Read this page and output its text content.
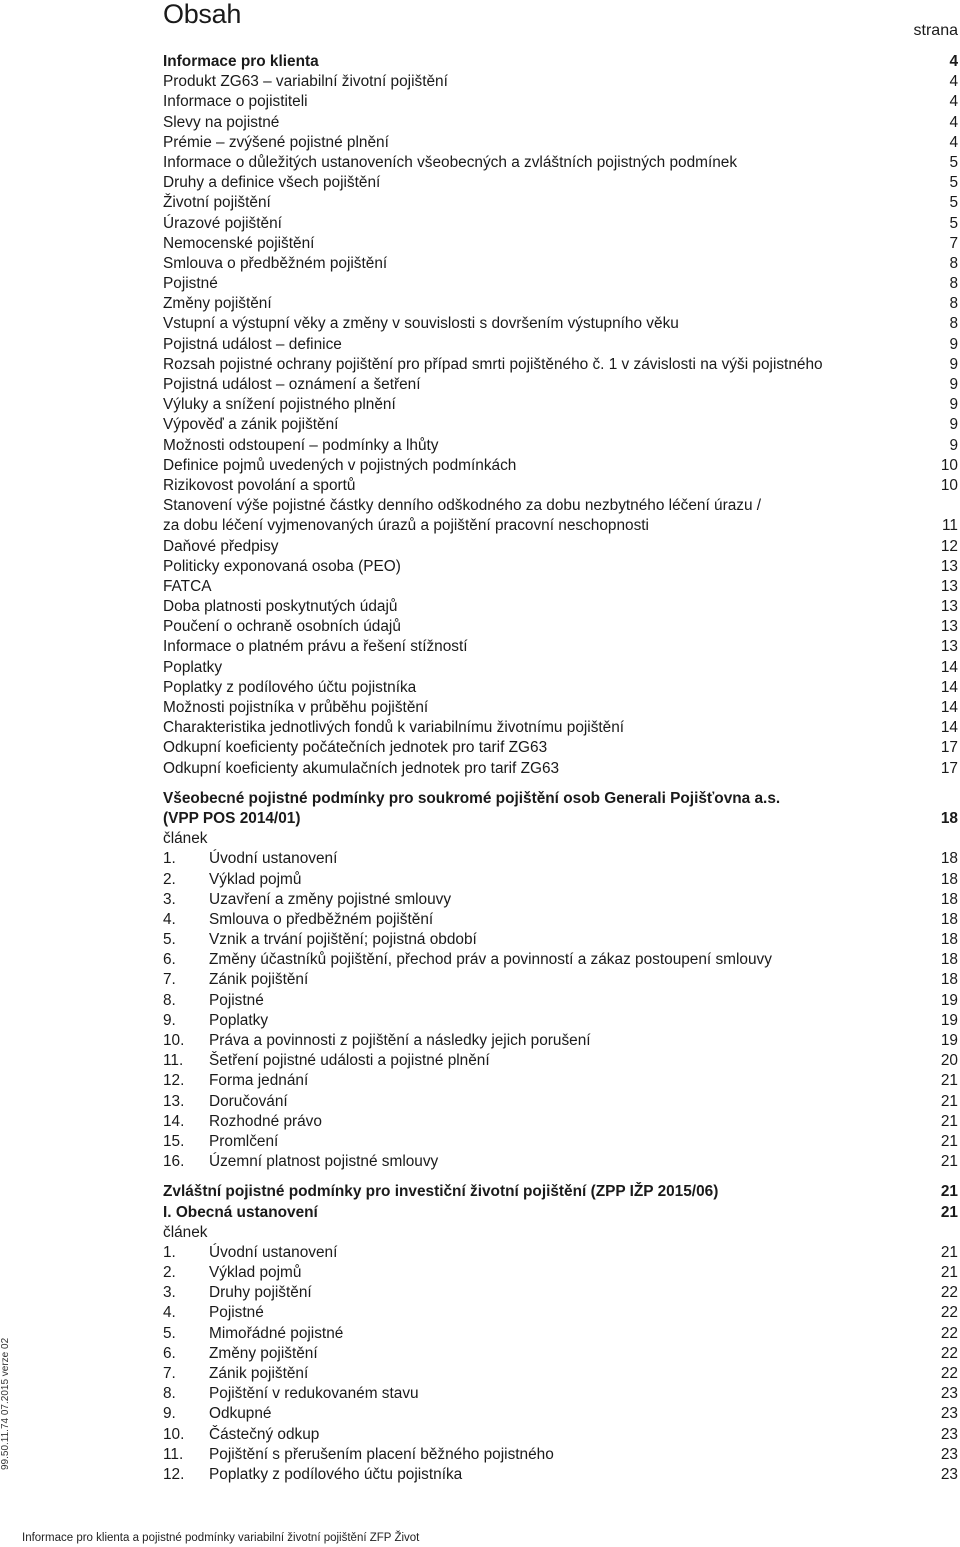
Obsah
strana
Informace pro klienta	4
Produkt ZG63 – variabilní životní pojištění	4
Informace o pojistiteli	4
Slevy na pojistné	4
Prémie – zvýšené pojistné plnění	4
Informace o důležitých ustanoveních všeobecných a zvláštních pojistných podmínek	5
Druhy a definice všech pojištění	5
Životní pojištění	5
Úrazové pojištění	5
Nemocenské pojištění	7
Smlouva o předběžném pojištění	8
Pojistné	8
Změny pojištění	8
Vstupní a výstupní věky a změny v souvislosti s dovršením výstupního věku	8
Pojistná událost – definice	9
Rozsah pojistné ochrany pojištění pro případ smrti pojištěného č. 1 v závislosti na výši pojistného	9
Pojistná událost – oznámení a šetření	9
Výluky a snížení pojistného plnění	9
Výpověď a zánik pojištění	9
Možnosti odstoupení – podmínky a lhůty	9
Definice pojmů uvedených v pojistných podmínkách	10
Rizikovost povolání a sportů	10
Stanovení výše pojistné částky denního odškodného za dobu nezbytného léčení úrazu /
za dobu léčení vyjmenovaných úrazů a pojištění pracovní neschopnosti	11
Daňové předpisy	12
Politicky exponovaná osoba (PEO)	13
FATCA	13
Doba platnosti poskytnutých údajů	13
Poučení o ochraně osobních údajů	13
Informace o platném právu a řešení stížností	13
Poplatky	14
Poplatky z podílového účtu pojistníka	14
Možnosti pojistníka v průběhu pojištění	14
Charakteristika jednotlivých fondů k variabilnímu životnímu pojištění	14
Odkupní koeficienty počátečních jednotek pro tarif ZG63	17
Odkupní koeficienty akumulačních jednotek pro tarif ZG63	17
Všeobecné pojistné podmínky pro soukromé pojištění osob Generali Pojišťovna a.s.
(VPP POS 2014/01)	18
článek
1. Úvodní ustanovení	18
2. Výklad pojmů	18
3. Uzavření a změny pojistné smlouvy	18
4. Smlouva o předběžném pojištění	18
5. Vznik a trvání pojištění; pojistná období	18
6. Změny účastníků pojištění, přechod práv a povinností a zákaz postoupení smlouvy	18
7. Zánik pojištění	18
8. Pojistné	19
9. Poplatky	19
10. Práva a povinnosti z pojištění a následky jejich porušení	19
11. Šetření pojistné události a pojistné plnění	20
12. Forma jednání	21
13. Doručování	21
14. Rozhodné právo	21
15. Promlčení	21
16. Územní platnost pojistné smlouvy	21
Zvláštní pojistné podmínky pro investiční životní pojištění (ZPP IŽP 2015/06)	21
I. Obecná ustanovení	21
článek
1. Úvodní ustanovení	21
2. Výklad pojmů	21
3. Druhy pojištění	22
4. Pojistné	22
5. Mimořádné pojistné	22
6. Změny pojištění	22
7. Zánik pojištění	22
8. Pojištění v redukovaném stavu	23
9. Odkupné	23
10. Částečný odkup	23
11. Pojištění s přerušením placení běžného pojistného	23
12. Poplatky z podílového účtu pojistníka	23
99.50.11.74 07.2015 verze 02
Informace pro klienta a pojistné podmínky variabilní životní pojištění ZFP Život
